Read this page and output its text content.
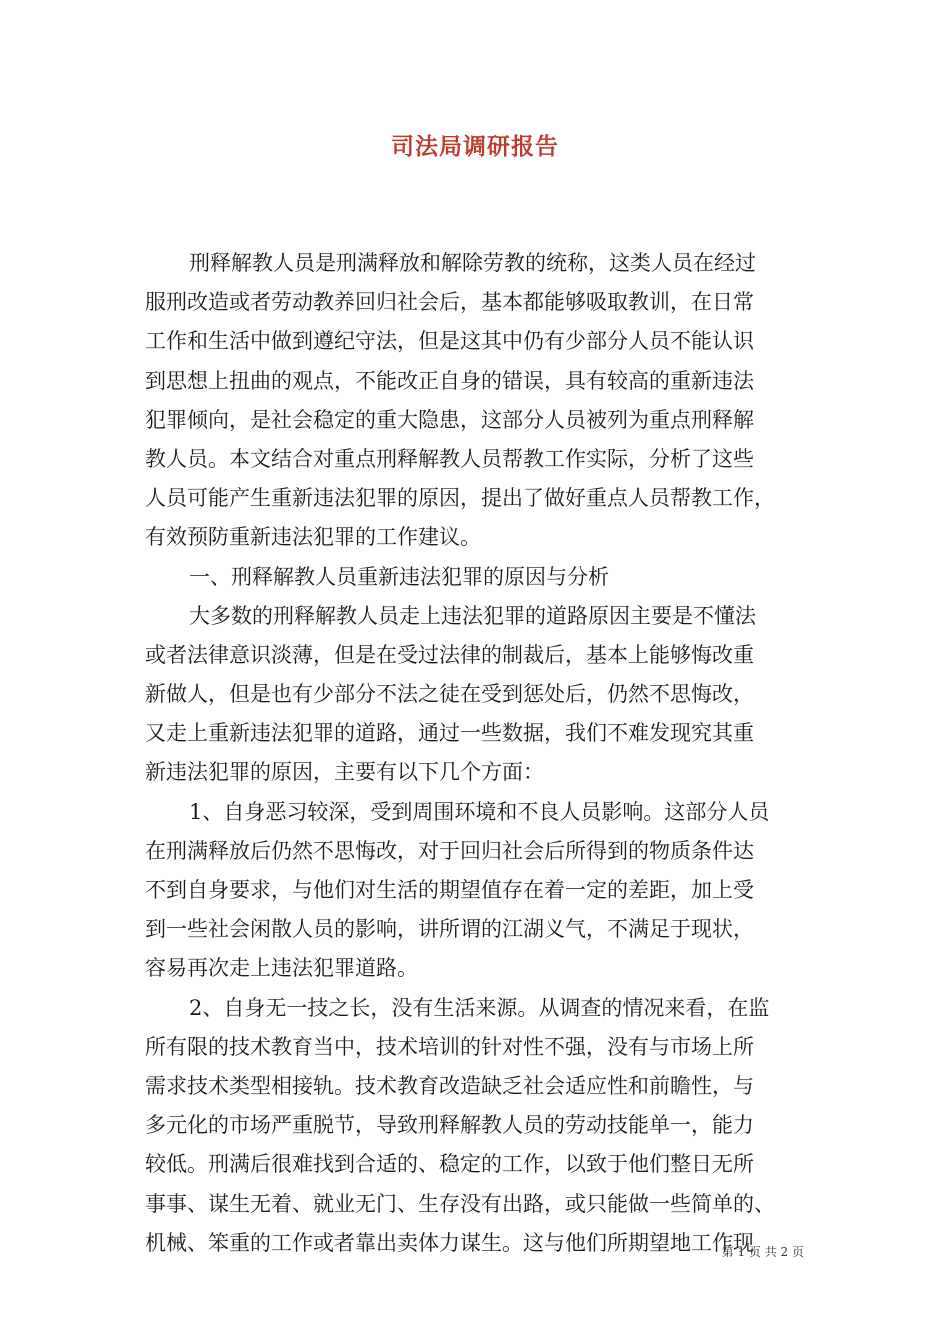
司法局调研报告
刑释解教人员是刑满释放和解除劳教的统称，这类人员在经过
服刑改造或者劳动教养回归社会后，基本都能够吸取教训，在日常
工作和生活中做到遵纪守法，但是这其中仍有少部分人员不能认识
到思想上扭曲的观点，不能改正自身的错误，具有较高的重新违法
犯罪倾向，是社会稳定的重大隐患，这部分人员被列为重点刑释解
教人员。本文结合对重点刑释解教人员帮教工作实际，分析了这些
人员可能产生重新违法犯罪的原因，提出了做好重点人员帮教工作，
有效预防重新违法犯罪的工作建议。
一、刑释解教人员重新违法犯罪的原因与分析
大多数的刑释解教人员走上违法犯罪的道路原因主要是不懂法
或者法律意识淡薄，但是在受过法律的制裁后，基本上能够悔改重
新做人，但是也有少部分不法之徒在受到惩处后，仍然不思悔改，
又走上重新违法犯罪的道路，通过一些数据，我们不难发现究其重
新违法犯罪的原因，主要有以下几个方面：
1、自身恶习较深，受到周围环境和不良人员影响。这部分人员
在刑满释放后仍然不思悔改，对于回归社会后所得到的物质条件达
不到自身要求，与他们对生活的期望值存在着一定的差距，加上受
到一些社会闲散人员的影响，讲所谓的江湖义气，不满足于现状，
容易再次走上违法犯罪道路。
2、自身无一技之长，没有生活来源。从调查的情况来看，在监
所有限的技术教育当中，技术培训的针对性不强，没有与市场上所
需求技术类型相接轨。技术教育改造缺乏社会适应性和前瞻性，与
多元化的市场严重脱节，导致刑释解教人员的劳动技能单一，能力
较低。刑满后很难找到合适的、稳定的工作，以致于他们整日无所
事事、谋生无着、就业无门、生存没有出路，或只能做一些简单的、
机械、笨重的工作或者靠出卖体力谋生。这与他们所期望地工作现
第 1 页 共 2 页
